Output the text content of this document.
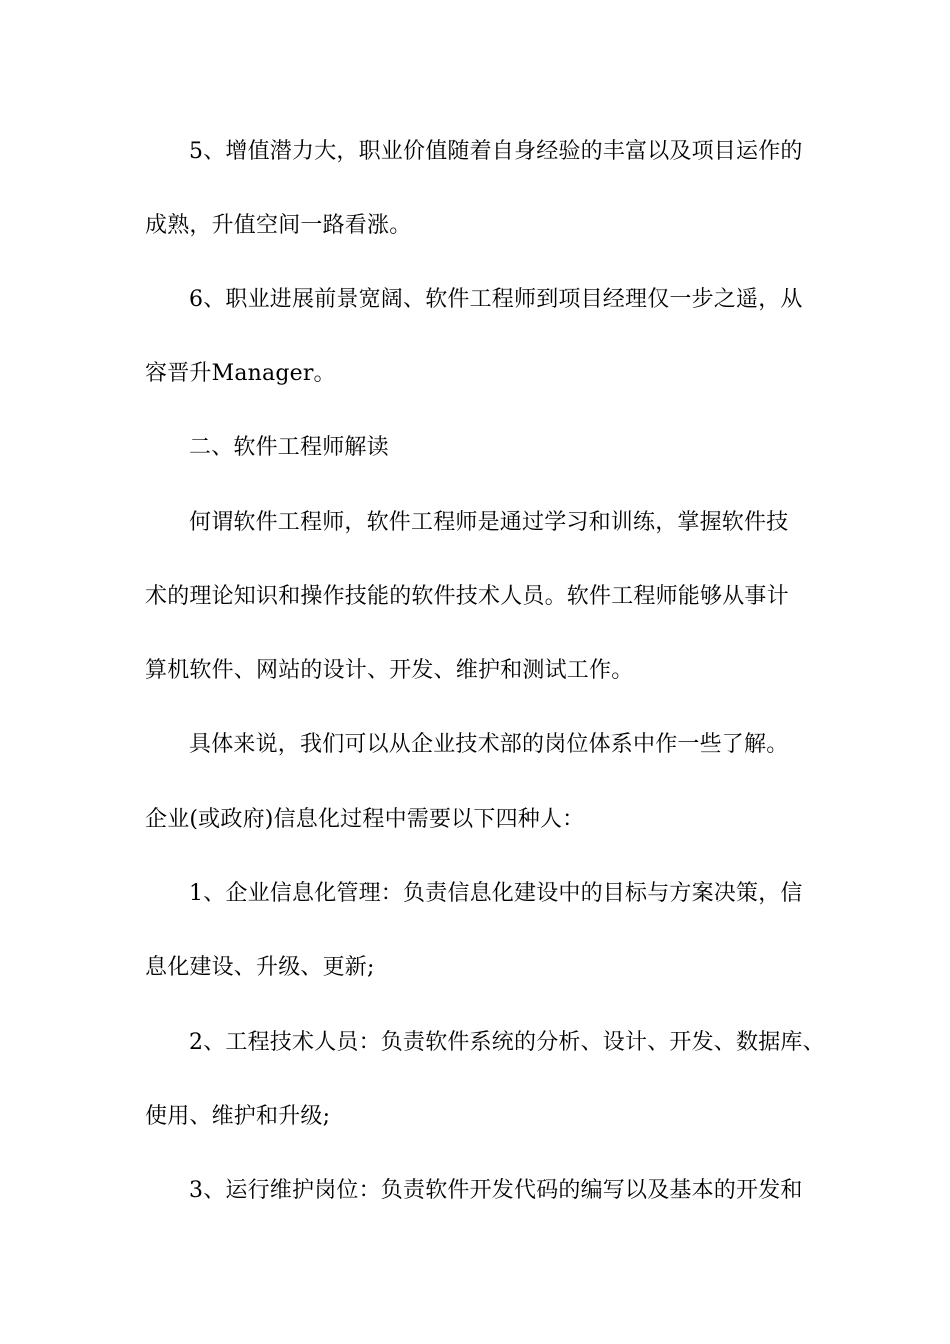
5、增值潜力大，职业价值随着自身经验的丰富以及项目运作的
成熟，升值空间一路看涨。
6、职业进展前景宽阔、软件工程师到项目经理仅一步之遥，从
容晋升Manager。
二、软件工程师解读
何谓软件工程师，软件工程师是通过学习和训练，掌握软件技
术的理论知识和操作技能的软件技术人员。软件工程师能够从事计
算机软件、网站的设计、开发、维护和测试工作。
具体来说，我们可以从企业技术部的岗位体系中作一些了解。
企业(或政府)信息化过程中需要以下四种人：
1、企业信息化管理：负责信息化建设中的目标与方案决策，信
息化建设、升级、更新;
2、工程技术人员：负责软件系统的分析、设计、开发、数据库、
使用、维护和升级;
3、运行维护岗位：负责软件开发代码的编写以及基本的开发和
